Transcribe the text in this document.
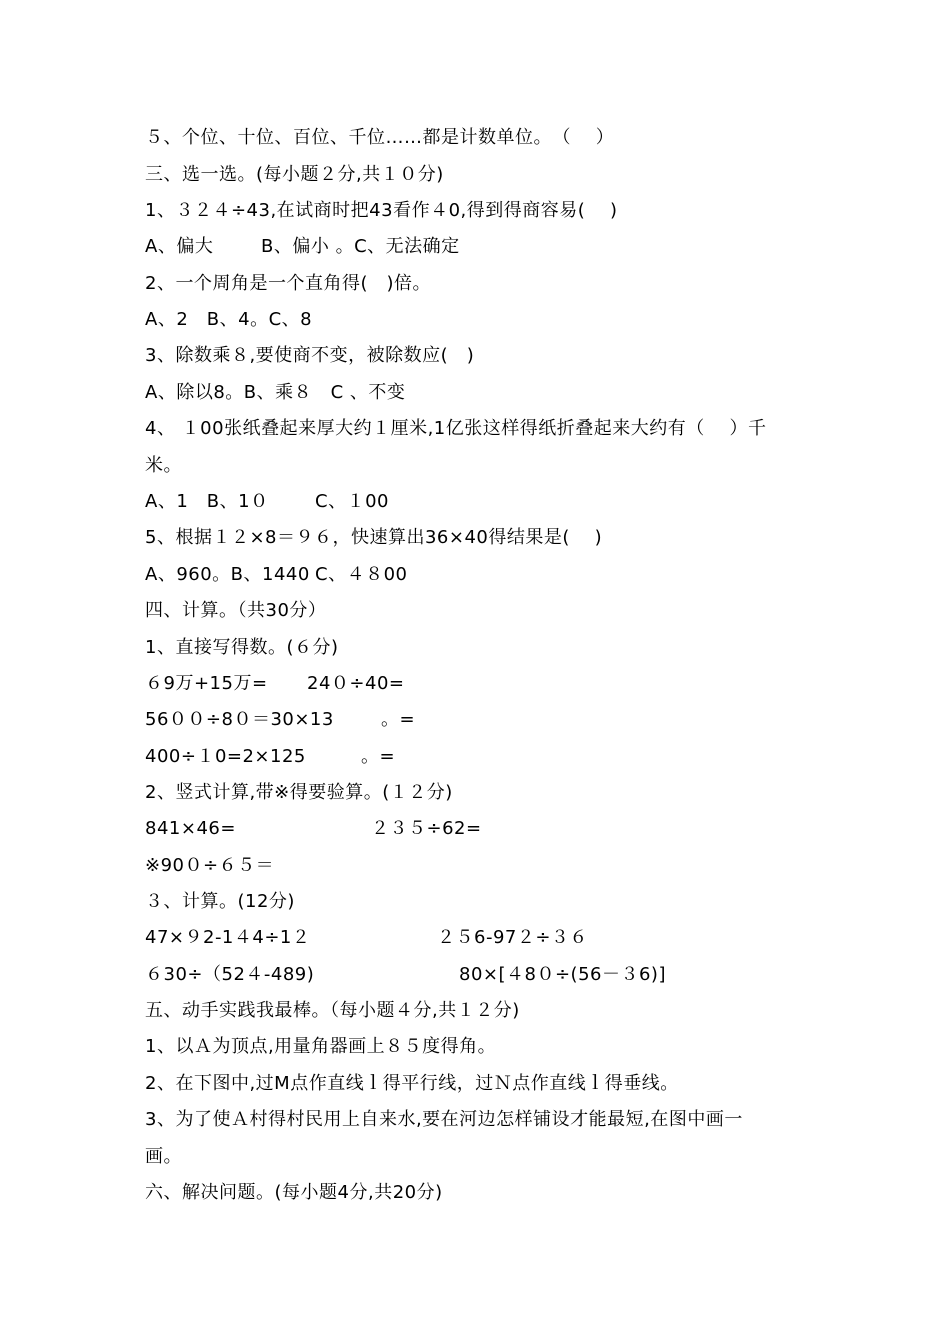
５、个位、十位、百位、千位……都是计数单位。　（　 ）

三、选一选。(每小题２分,共１０分)

1、３２４÷43,在试商时把43看作４0,得到得商容易(　 )

A、偏大

	B、偏小 。C、无法确定

2、一个周角是一个直角得(　)倍。

A、2　B、4。C、8

3、除数乘８,要使商不变，被除数应(　)

A、除以8。B、乘８　C 、不变

4、 １00张纸叠起来厚大约１厘米,1亿张这样得纸折叠起来大约有（　 ）千

米。

A、1　B、1０

	C、１00

5、根据１２×8＝９６，快速算出36×40得结果是(　 )

A、960。B、1440

C、４８00

四、计算。（共30分）

1、直接写得数。(６分)

６9万+15万=

24０÷40=

56００÷8０＝30×13

	。=

400÷１0=2×125

	。=

2、竖式计算,带※得要验算。(１２分)

841×46=

	２３５÷62=

※90０÷６５＝

３、计算。(12分)

47×９2-1４4÷1２

	２５6-97２÷３６

６30÷（52４-489)

	80×[４8０÷(56－３6)]

五、动手实践我最棒。（每小题４分,共１２分)

1、以Ａ为顶点,用量角器画上８５度得角。

2、在下图中,过M点作直线ｌ得平行线，过Ｎ点作直线ｌ得垂线。

3、为了使Ａ村得村民用上自来水,要在河边怎样铺设才能最短,在图中画一

画。

六、解决问题。(每小题4分,共20分)
